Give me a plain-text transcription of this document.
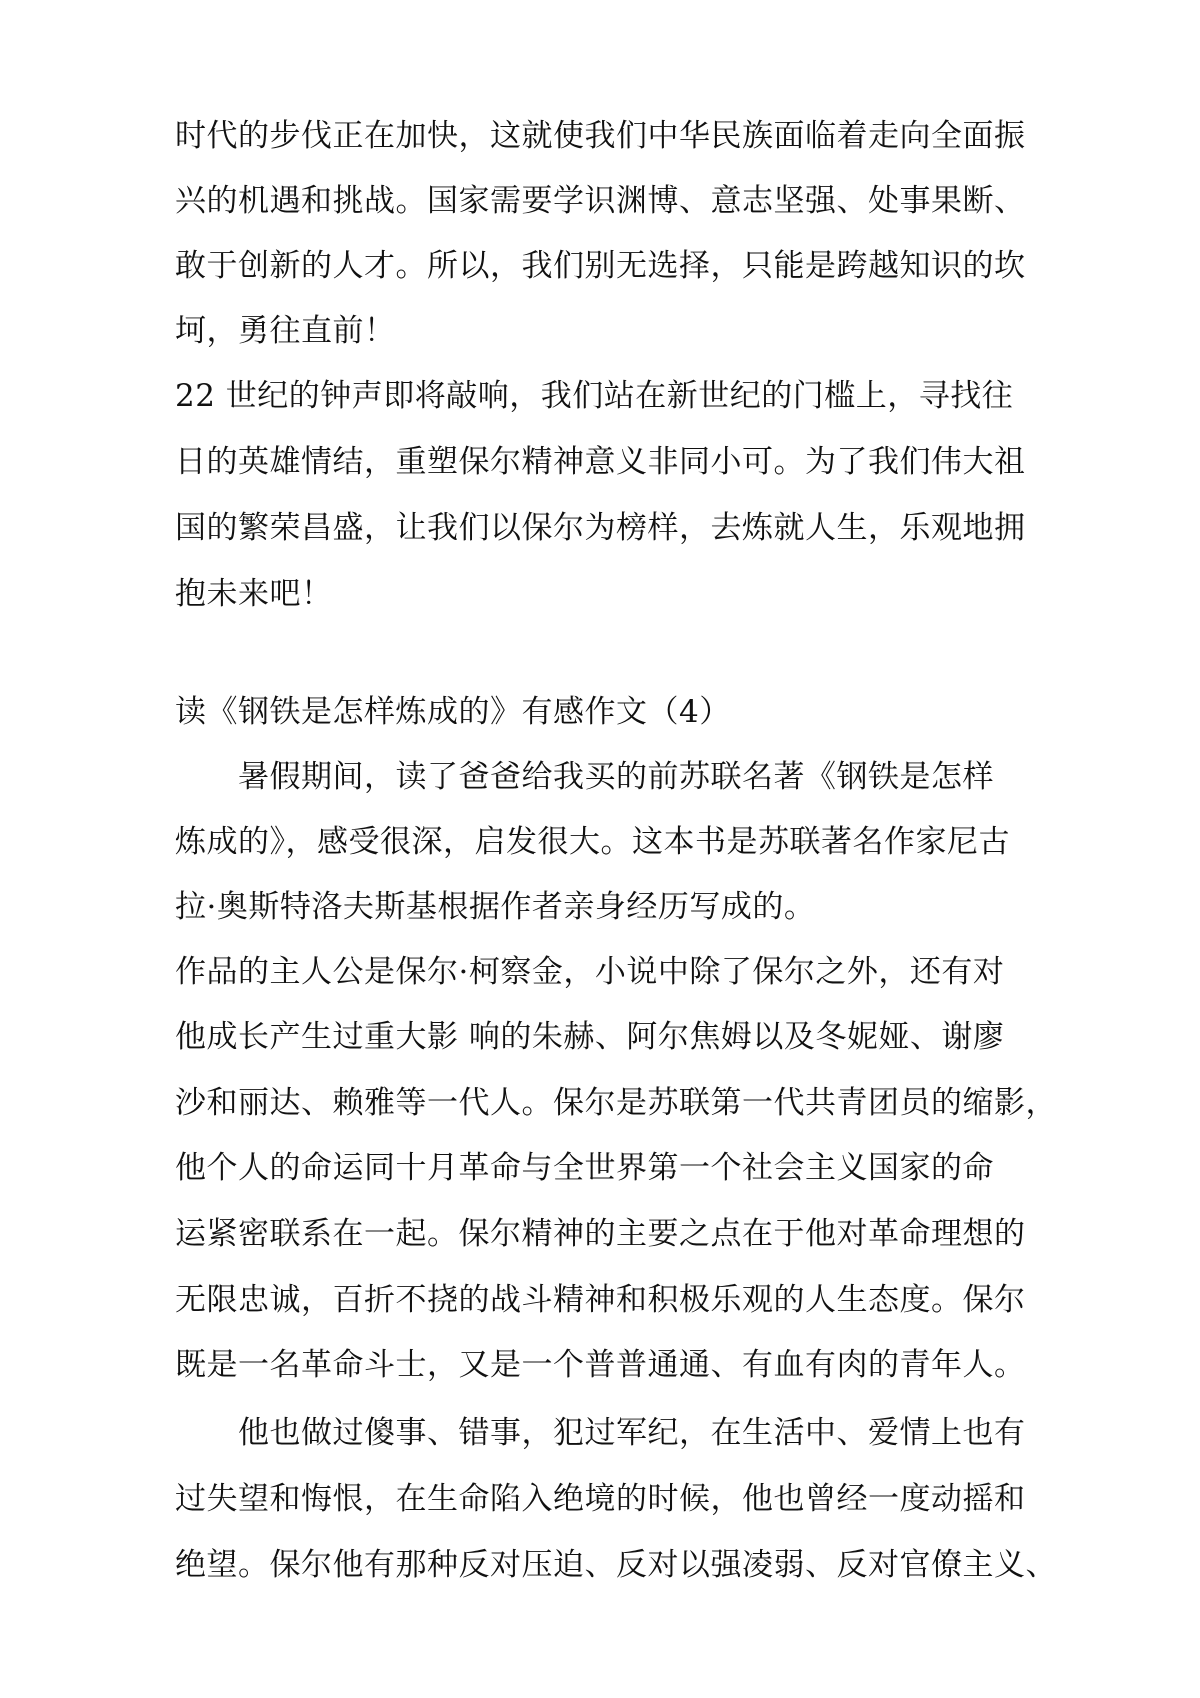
时代的步伐正在加快，这就使我们中华民族面临着走向全面振
兴的机遇和挑战。国家需要学识渊博、意志坚强、处事果断、
敢于创新的人才。所以，我们别无选择，只能是跨越知识的坎
坷，勇往直前！
22 世纪的钟声即将敲响，我们站在新世纪的门槛上，寻找往
日的英雄情结，重塑保尔精神意义非同小可。为了我们伟大祖
国的繁荣昌盛，让我们以保尔为榜样，去炼就人生，乐观地拥
抱未来吧！
读《钢铁是怎样炼成的》有感作文（4）
　　暑假期间，读了爸爸给我买的前苏联名著《钢铁是怎样
炼成的》，感受很深，启发很大。这本书是苏联著名作家尼古
拉·奥斯特洛夫斯基根据作者亲身经历写成的。
作品的主人公是保尔·柯察金，小说中除了保尔之外，还有对
他成长产生过重大影 响的朱赫、阿尔焦姆以及冬妮娅、谢廖
沙和丽达、赖雅等一代人。保尔是苏联第一代共青团员的缩影，
他个人的命运同十月革命与全世界第一个社会主义国家的命
运紧密联系在一起。保尔精神的主要之点在于他对革命理想的
无限忠诚，百折不挠的战斗精神和积极乐观的人生态度。保尔
既是一名革命斗士，又是一个普普通通、有血有肉的青年人。
　　他也做过傻事、错事，犯过军纪，在生活中、爱情上也有
过失望和悔恨，在生命陷入绝境的时候，他也曾经一度动摇和
绝望。保尔他有那种反对压迫、反对以强凌弱、反对官僚主义、
